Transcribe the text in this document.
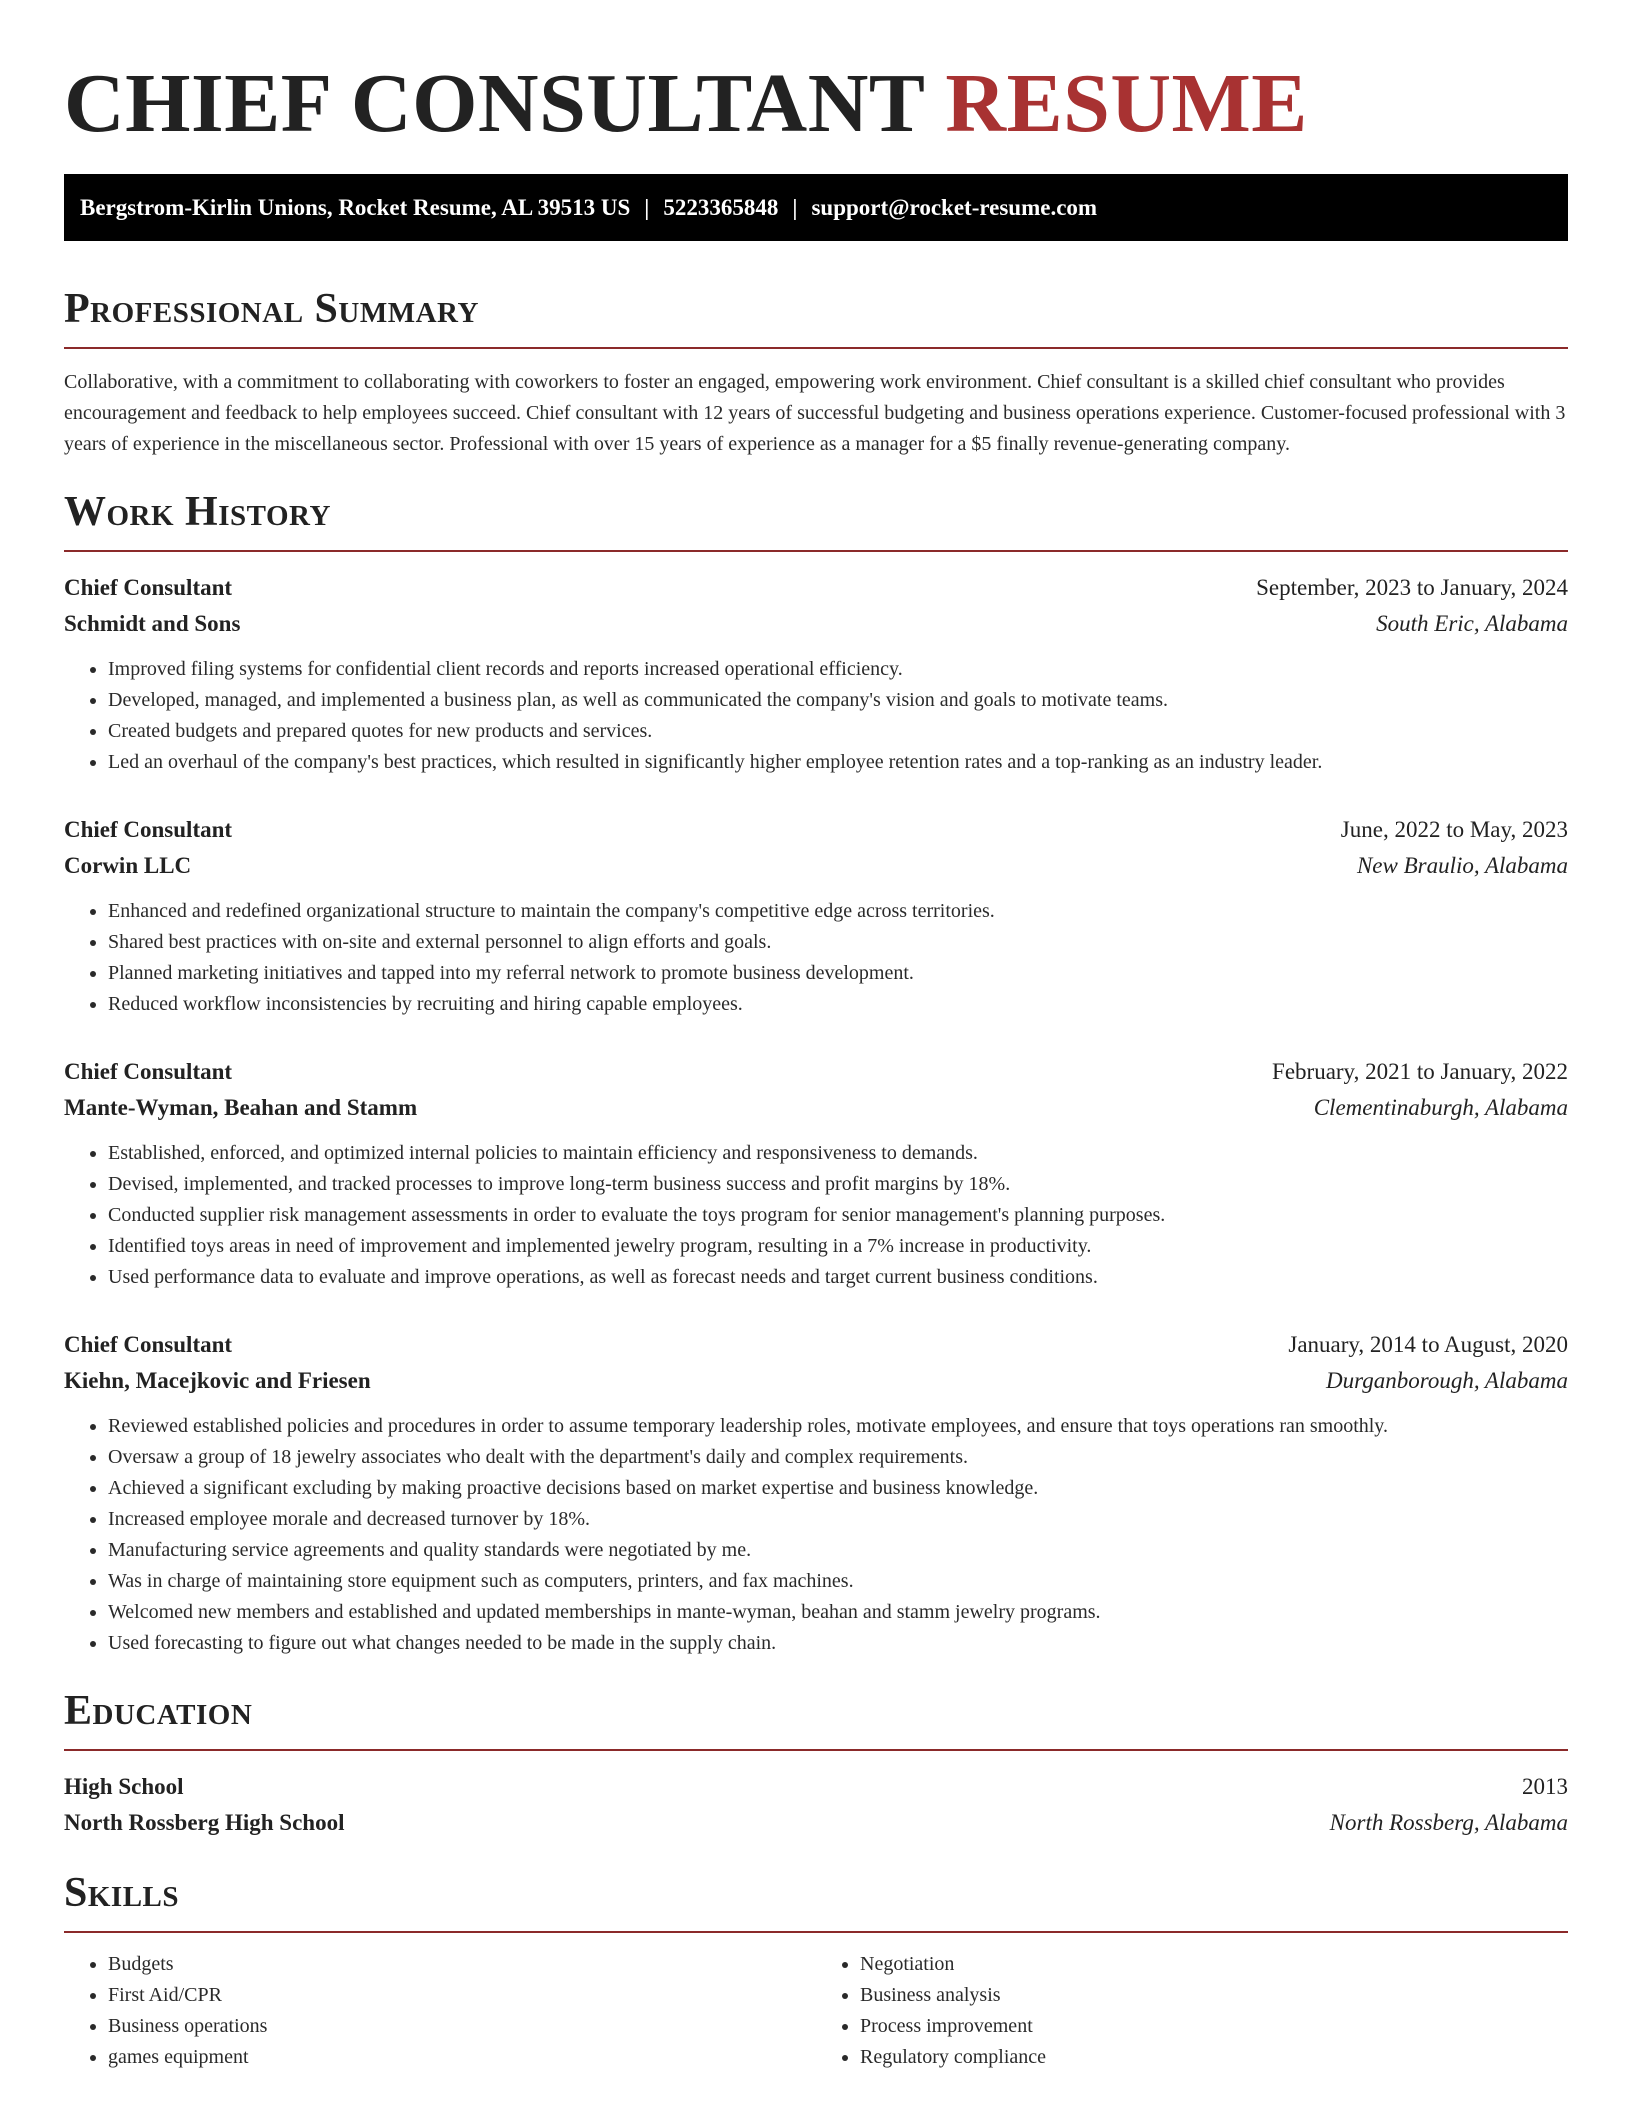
CHIEF CONSULTANT RESUME
Bergstrom-Kirlin Unions, Rocket Resume, AL 39513 US | 5223365848 | support@rocket-resume.com
Professional Summary

Collaborative, with a commitment to collaborating with coworkers to foster an engaged, empowering work environment. Chief consultant is a skilled chief consultant who provides encouragement and feedback to help employees succeed. Chief consultant with 12 years of successful budgeting and business operations experience. Customer-focused professional with 3 years of experience in the miscellaneous sector. Professional with over 15 years of experience as a manager for a $5 finally revenue-generating company.

Work History
Chief Consultant	September, 2023 to January, 2024
Schmidt and Sons	South Eric, Alabama
• Improved filing systems for confidential client records and reports increased operational efficiency.
• Developed, managed, and implemented a business plan, as well as communicated the company's vision and goals to motivate teams.
• Created budgets and prepared quotes for new products and services.
• Led an overhaul of the company's best practices, which resulted in significantly higher employee retention rates and a top-ranking as an industry leader.
Chief Consultant	June, 2022 to May, 2023
Corwin LLC	New Braulio, Alabama
• Enhanced and redefined organizational structure to maintain the company's competitive edge across territories.
• Shared best practices with on-site and external personnel to align efforts and goals.
• Planned marketing initiatives and tapped into my referral network to promote business development.
• Reduced workflow inconsistencies by recruiting and hiring capable employees.
Chief Consultant	February, 2021 to January, 2022
Mante-Wyman, Beahan and Stamm	Clementinaburgh, Alabama
• Established, enforced, and optimized internal policies to maintain efficiency and responsiveness to demands.
• Devised, implemented, and tracked processes to improve long-term business success and profit margins by 18%.
• Conducted supplier risk management assessments in order to evaluate the toys program for senior management's planning purposes.
• Identified toys areas in need of improvement and implemented jewelry program, resulting in a 7% increase in productivity.
• Used performance data to evaluate and improve operations, as well as forecast needs and target current business conditions.
Chief Consultant	January, 2014 to August, 2020
Kiehn, Macejkovic and Friesen	Durganborough, Alabama
• Reviewed established policies and procedures in order to assume temporary leadership roles, motivate employees, and ensure that toys operations ran smoothly.
• Oversaw a group of 18 jewelry associates who dealt with the department's daily and complex requirements.
• Achieved a significant excluding by making proactive decisions based on market expertise and business knowledge.
• Increased employee morale and decreased turnover by 18%.
• Manufacturing service agreements and quality standards were negotiated by me.
• Was in charge of maintaining store equipment such as computers, printers, and fax machines.
• Welcomed new members and established and updated memberships in mante-wyman, beahan and stamm jewelry programs.
• Used forecasting to figure out what changes needed to be made in the supply chain.
Education
High School	2013
North Rossberg High School	North Rossberg, Alabama
Skills
• Budgets
• First Aid/CPR
• Business operations
• games equipment
• Negotiation
• Business analysis
• Process improvement
• Regulatory compliance
